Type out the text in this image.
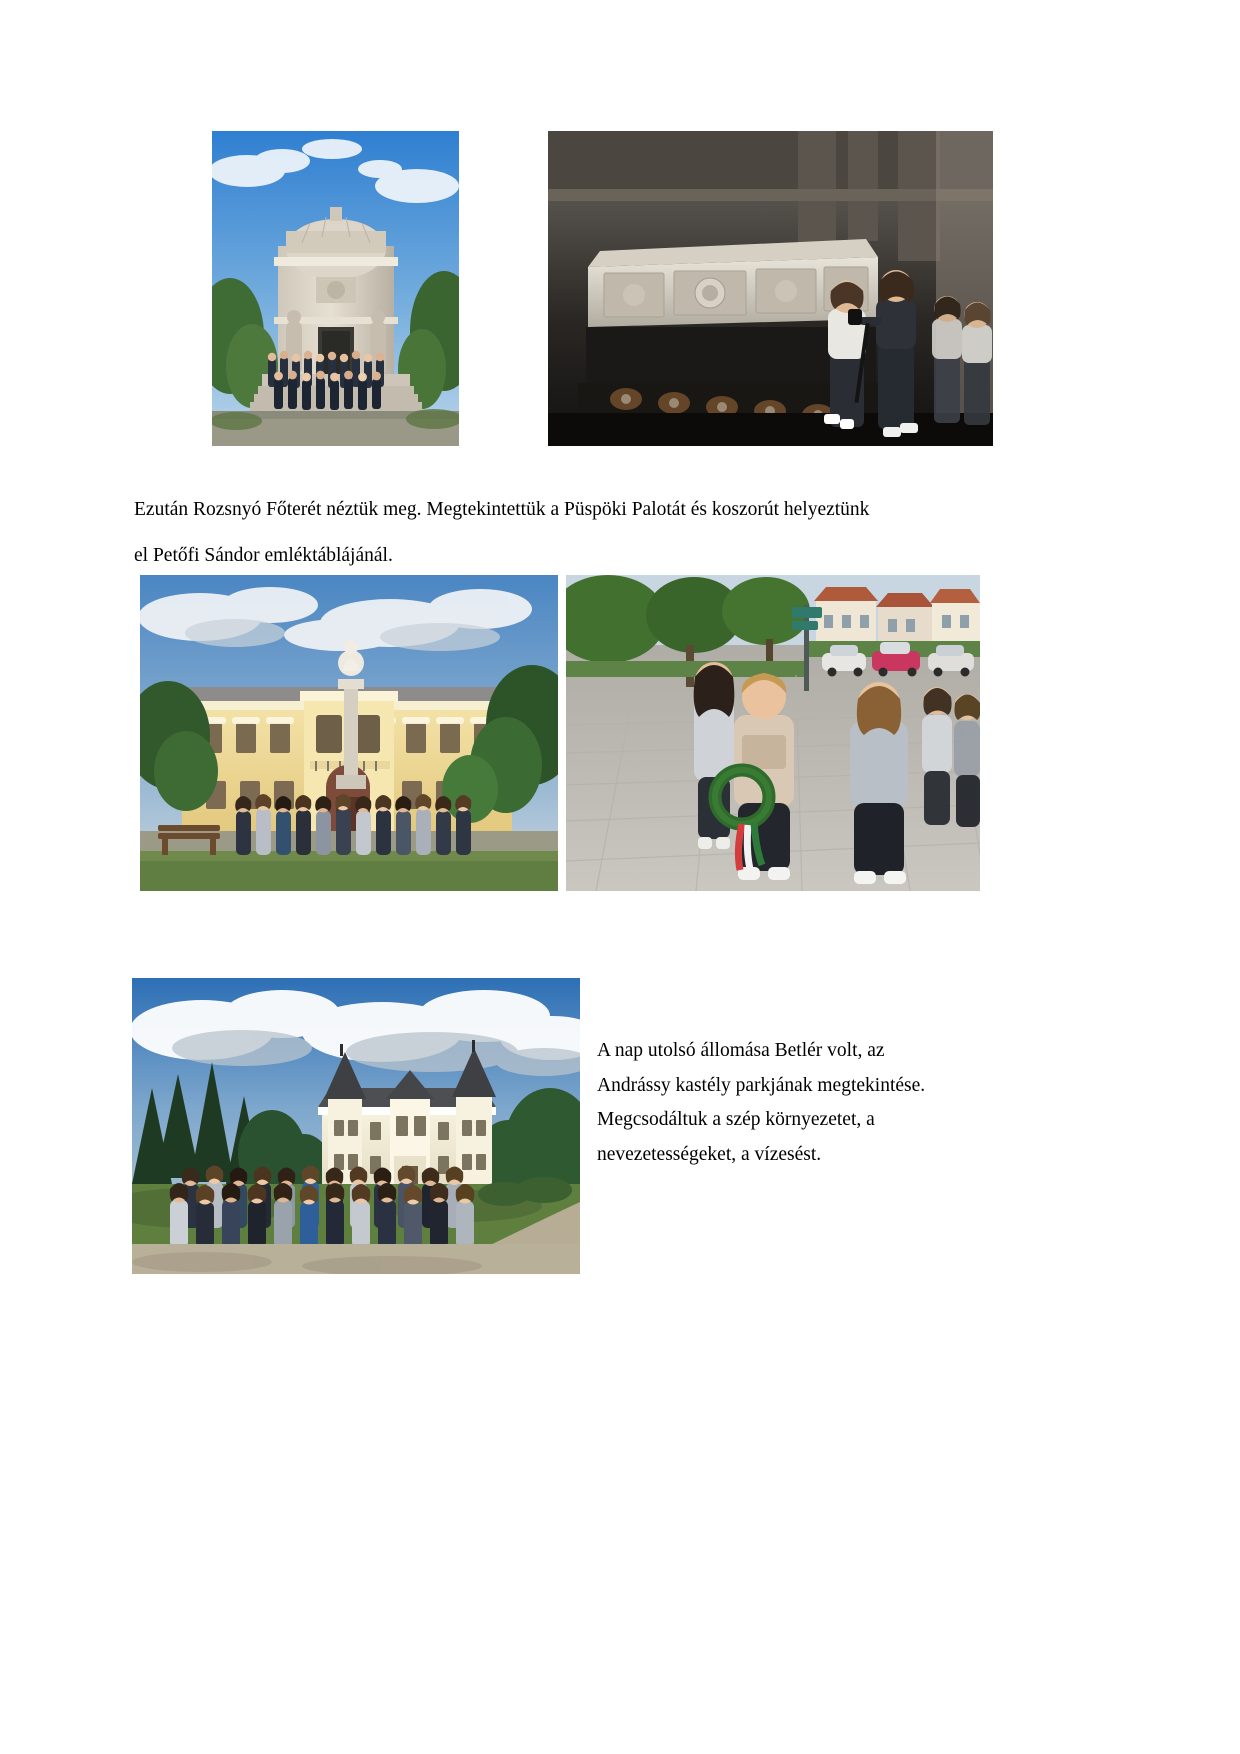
Ezután Rozsnyó Főterét néztük meg. Megtekintettük a Püspöki Palotát és koszorút helyeztünk

el Petőfi Sándor emléktáblájánál.

A nap utolsó állomása Betlér volt, az

Andrássy kastély parkjának megtekintése.

Megcsodáltuk a szép környezetet, a

nevezetességeket, a vízesést.
